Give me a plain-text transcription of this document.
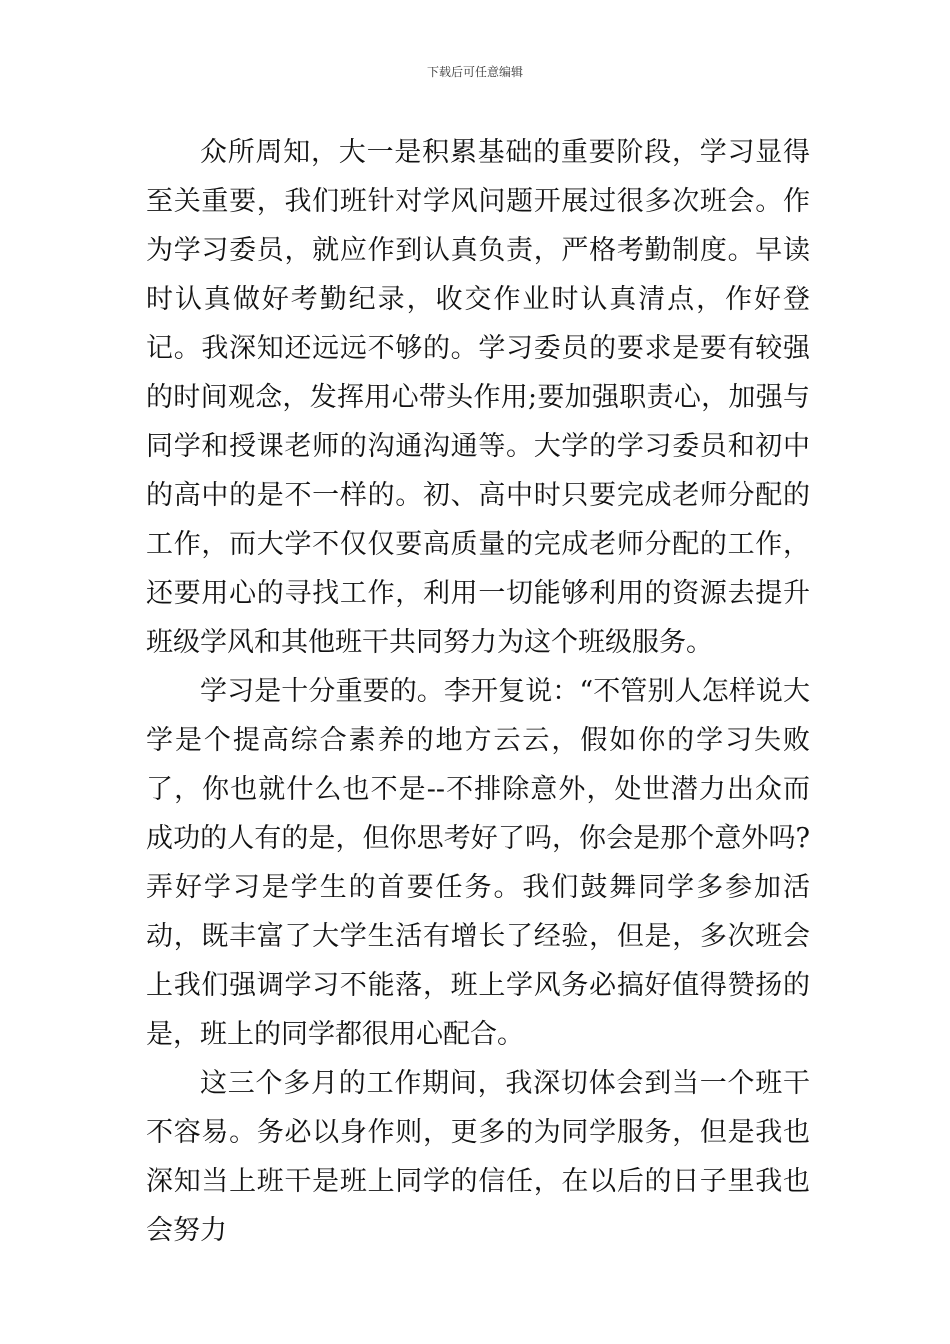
下载后可任意编辑

众所周知，大一是积累基础的重要阶段，学习显得至关重要，我们班针对学风问题开展过很多次班会。作为学习委员，就应作到认真负责，严格考勤制度。早读时认真做好考勤纪录，收交作业时认真清点，作好登记。我深知还远远不够的。学习委员的要求是要有较强的时间观念，发挥用心带头作用;要加强职责心，加强与同学和授课老师的沟通沟通等。大学的学习委员和初中的高中的是不一样的。初、高中时只要完成老师分配的工作，而大学不仅仅要高质量的完成老师分配的工作，还要用心的寻找工作，利用一切能够利用的资源去提升班级学风和其他班干共同努力为这个班级服务。

学习是十分重要的。李开复说：“不管别人怎样说大学是个提高综合素养的地方云云，假如你的学习失败了，你也就什么也不是--不排除意外，处世潜力出众而成功的人有的是，但你思考好了吗，你会是那个意外吗?弄好学习是学生的首要任务。我们鼓舞同学多参加活动，既丰富了大学生活有增长了经验，但是，多次班会上我们强调学习不能落，班上学风务必搞好值得赞扬的是，班上的同学都很用心配合。

这三个多月的工作期间，我深切体会到当一个班干不容易。务必以身作则，更多的为同学服务，但是我也深知当上班干是班上同学的信任，在以后的日子里我也会努力
